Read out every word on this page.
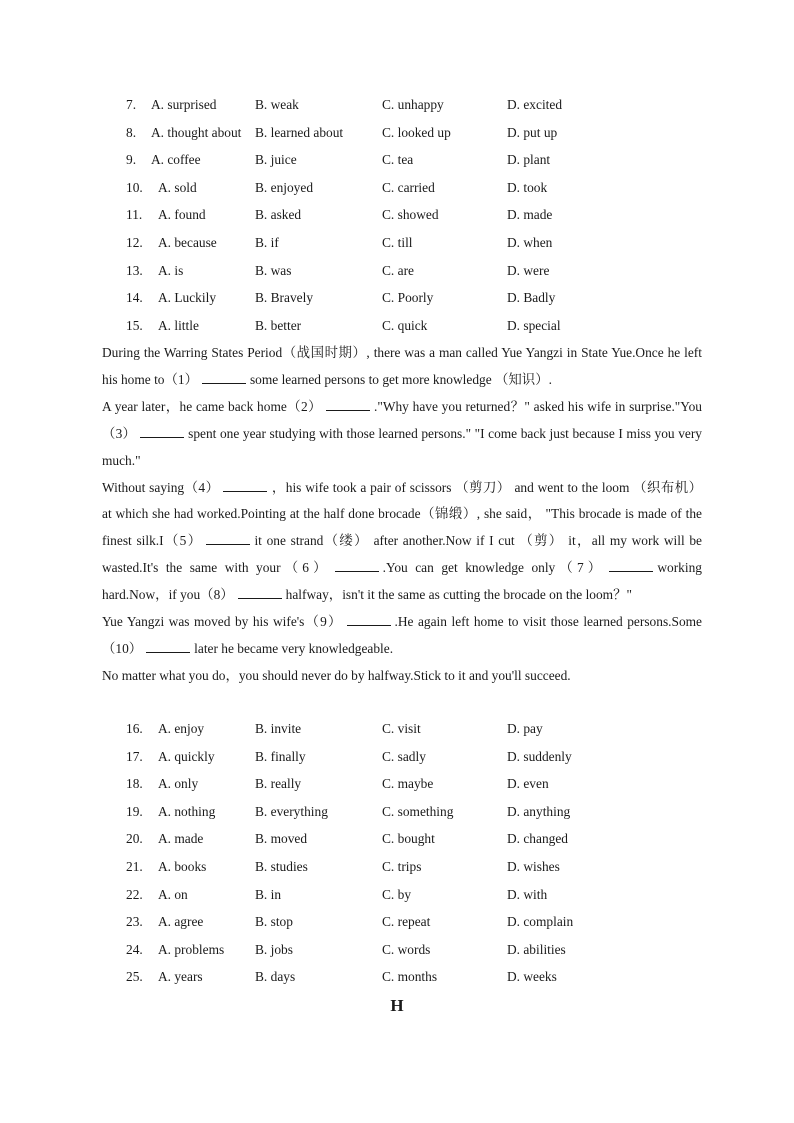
7. A. surprised	B. weak	C. unhappy	D. excited
8. A. thought about B. learned about	C. looked up	D. put up
9. A. coffee	B. juice	C. tea	D. plant
10. A. sold	B. enjoyed	C. carried	D. took
11. A. found	B. asked	C. showed	D. made
12. A. because	B. if	C. till	D. when
13. A. is	B. was	C. are	D. were
14. A. Luckily	B. Bravely	C. Poorly	D. Badly
15. A. little	B. better	C. quick	D. special

During the Warring States Period（战国时期）, there was a man called Yue Yangzi in State Yue.Once he left his home to（1）	some learned persons to get more knowledge （知识）.

A year later，he came back home（2）	."Why have you returned？" asked his wife in surprise."You（3）	spent one year studying with those learned persons." "I come back just because I miss you very much."

Without saying（4）	，his wife took a pair of scissors （剪刀） and went to the loom （织布机） at which she had worked.Pointing at the half done brocade（锦缎）, she said， "This brocade is made of the finest silk.I（5）	it one strand（缕） after another.Now if I cut （剪） it，all my work will be wasted.It's the same with your（6）	.You can get knowledge only（7）	working hard.Now，if you（8）	halfway，isn't it the same as cutting the brocade on the loom？"

Yue Yangzi was moved by his wife's（9）	.He again left home to visit those learned persons.Some（10）	later he became very knowledgeable.

No matter what you do，you should never do by halfway.Stick to it and you'll succeed.

16. A. enjoy	B. invite	C. visit	D. pay
17. A. quickly	B. finally	C. sadly	D. suddenly
18. A. only	B. really	C. maybe	D. even
19. A. nothing	B. everything	C. something	D. anything
20. A. made	B. moved	C. bought	D. changed
21. A. books	B. studies	C. trips	D. wishes
22. A. on	B. in	C. by	D. with
23. A. agree	B. stop	C. repeat	D. complain
24. A. problems B. jobs	C. words	D. abilities
25. A. years	B. days	C. months	D. weeks
H
